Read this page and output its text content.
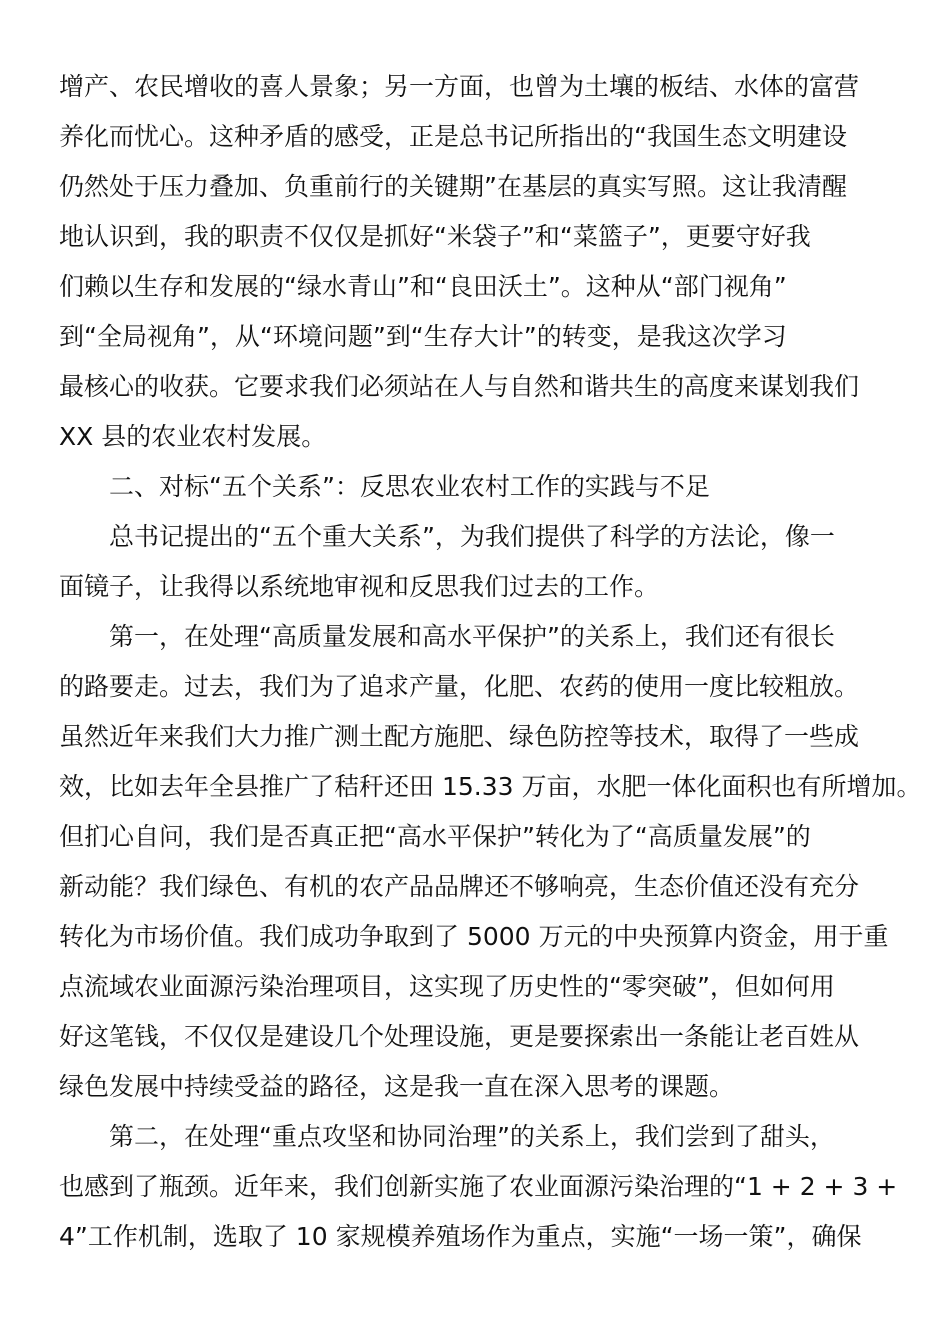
增产、农民增收的喜人景象；另一方面，也曾为土壤的板结、水体的富营
养化而忧心。这种矛盾的感受，正是总书记所指出的“我国生态文明建设
仍然处于压力叠加、负重前行的关键期”在基层的真实写照。这让我清醒
地认识到，我的职责不仅仅是抓好“米袋子”和“菜篮子”，更要守好我
们赖以生存和发展的“绿水青山”和“良田沃土”。这种从“部门视角”
到“全局视角”，从“环境问题”到“生存大计”的转变，是我这次学习
最核心的收获。它要求我们必须站在人与自然和谐共生的高度来谋划我们
XX 县的农业农村发展。
二、对标“五个关系”：反思农业农村工作的实践与不足
总书记提出的“五个重大关系”，为我们提供了科学的方法论，像一
面镜子，让我得以系统地审视和反思我们过去的工作。
第一，在处理“高质量发展和高水平保护”的关系上，我们还有很长
的路要走。过去，我们为了追求产量，化肥、农药的使用一度比较粗放。
虽然近年来我们大力推广测土配方施肥、绿色防控等技术，取得了一些成
效，比如去年全县推广了秸秆还田 15.33 万亩，水肥一体化面积也有所增加。
但扪心自问，我们是否真正把“高水平保护”转化为了“高质量发展”的
新动能？我们绿色、有机的农产品品牌还不够响亮，生态价值还没有充分
转化为市场价值。我们成功争取到了 5000 万元的中央预算内资金，用于重
点流域农业面源污染治理项目，这实现了历史性的“零突破”，但如何用
好这笔钱，不仅仅是建设几个处理设施，更是要探索出一条能让老百姓从
绿色发展中持续受益的路径，这是我一直在深入思考的课题。
第二，在处理“重点攻坚和协同治理”的关系上，我们尝到了甜头，
也感到了瓶颈。近年来，我们创新实施了农业面源污染治理的“1 + 2 + 3 +
4”工作机制，选取了 10 家规模养殖场作为重点，实施“一场一策”，确保
